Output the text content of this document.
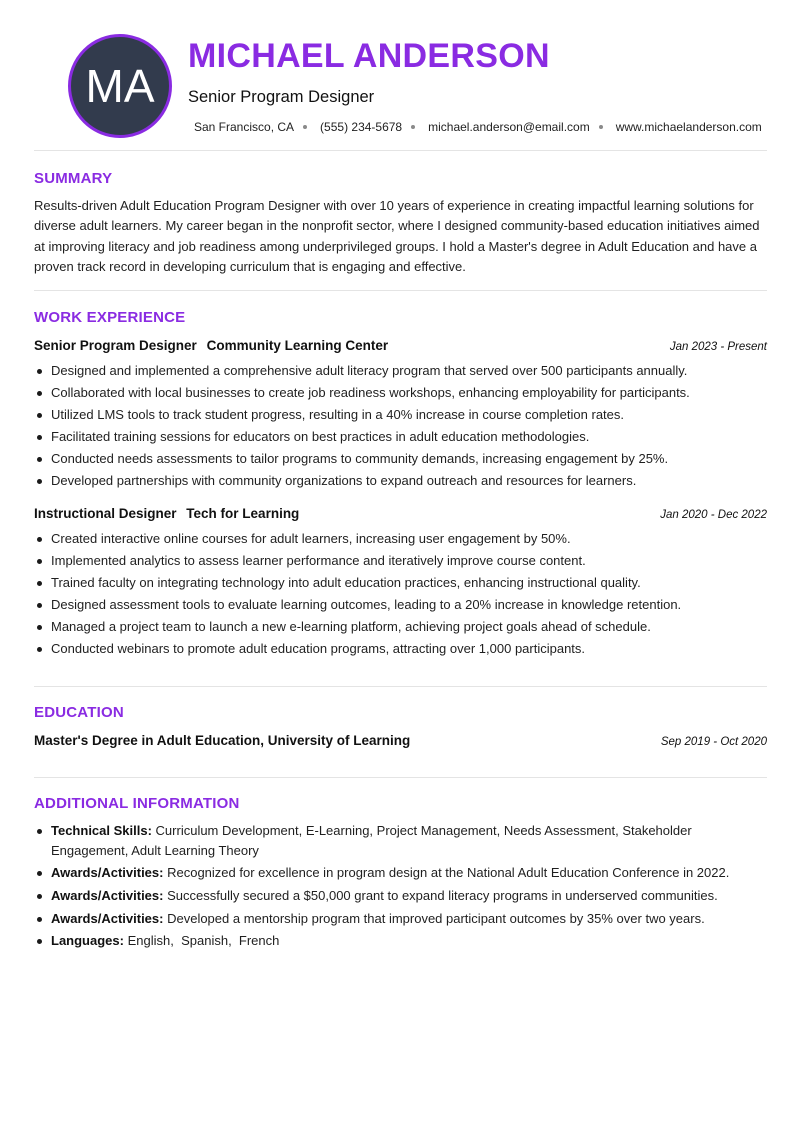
MA
MICHAEL ANDERSON
Senior Program Designer
San Francisco, CA (555) 234-5678 michael.anderson@email.com www.michaelanderson.com
SUMMARY

Results-driven Adult Education Program Designer with over 10 years of experience in creating impactful learning solutions for diverse adult learners. My career began in the nonprofit sector, where I designed community-based education initiatives aimed at improving literacy and job readiness among underprivileged groups. I hold a Master's degree in Adult Education and have a proven track record in developing curriculum that is engaging and effective.

WORK EXPERIENCE
Senior Program Designer Community Learning Center	Jan 2023 - Present
Designed and implemented a comprehensive adult literacy program that served over 500 participants annually.
Collaborated with local businesses to create job readiness workshops, enhancing employability for participants.
Utilized LMS tools to track student progress, resulting in a 40% increase in course completion rates.
Facilitated training sessions for educators on best practices in adult education methodologies.
Conducted needs assessments to tailor programs to community demands, increasing engagement by 25%.
Developed partnerships with community organizations to expand outreach and resources for learners.
Instructional Designer Tech for Learning	Jan 2020 - Dec 2022
Created interactive online courses for adult learners, increasing user engagement by 50%.
Implemented analytics to assess learner performance and iteratively improve course content.
Trained faculty on integrating technology into adult education practices, enhancing instructional quality.
Designed assessment tools to evaluate learning outcomes, leading to a 20% increase in knowledge retention.
Managed a project team to launch a new e-learning platform, achieving project goals ahead of schedule.
Conducted webinars to promote adult education programs, attracting over 1,000 participants.
EDUCATION
Master's Degree in Adult Education, University of Learning	Sep 2019 - Oct 2020
ADDITIONAL INFORMATION
Technical Skills: Curriculum Development, E-Learning, Project Management, Needs Assessment, Stakeholder Engagement, Adult Learning Theory
Awards/Activities: Recognized for excellence in program design at the National Adult Education Conference in 2022.
Awards/Activities: Successfully secured a $50,000 grant to expand literacy programs in underserved communities.
Awards/Activities: Developed a mentorship program that improved participant outcomes by 35% over two years.
Languages: English , Spanish , French
